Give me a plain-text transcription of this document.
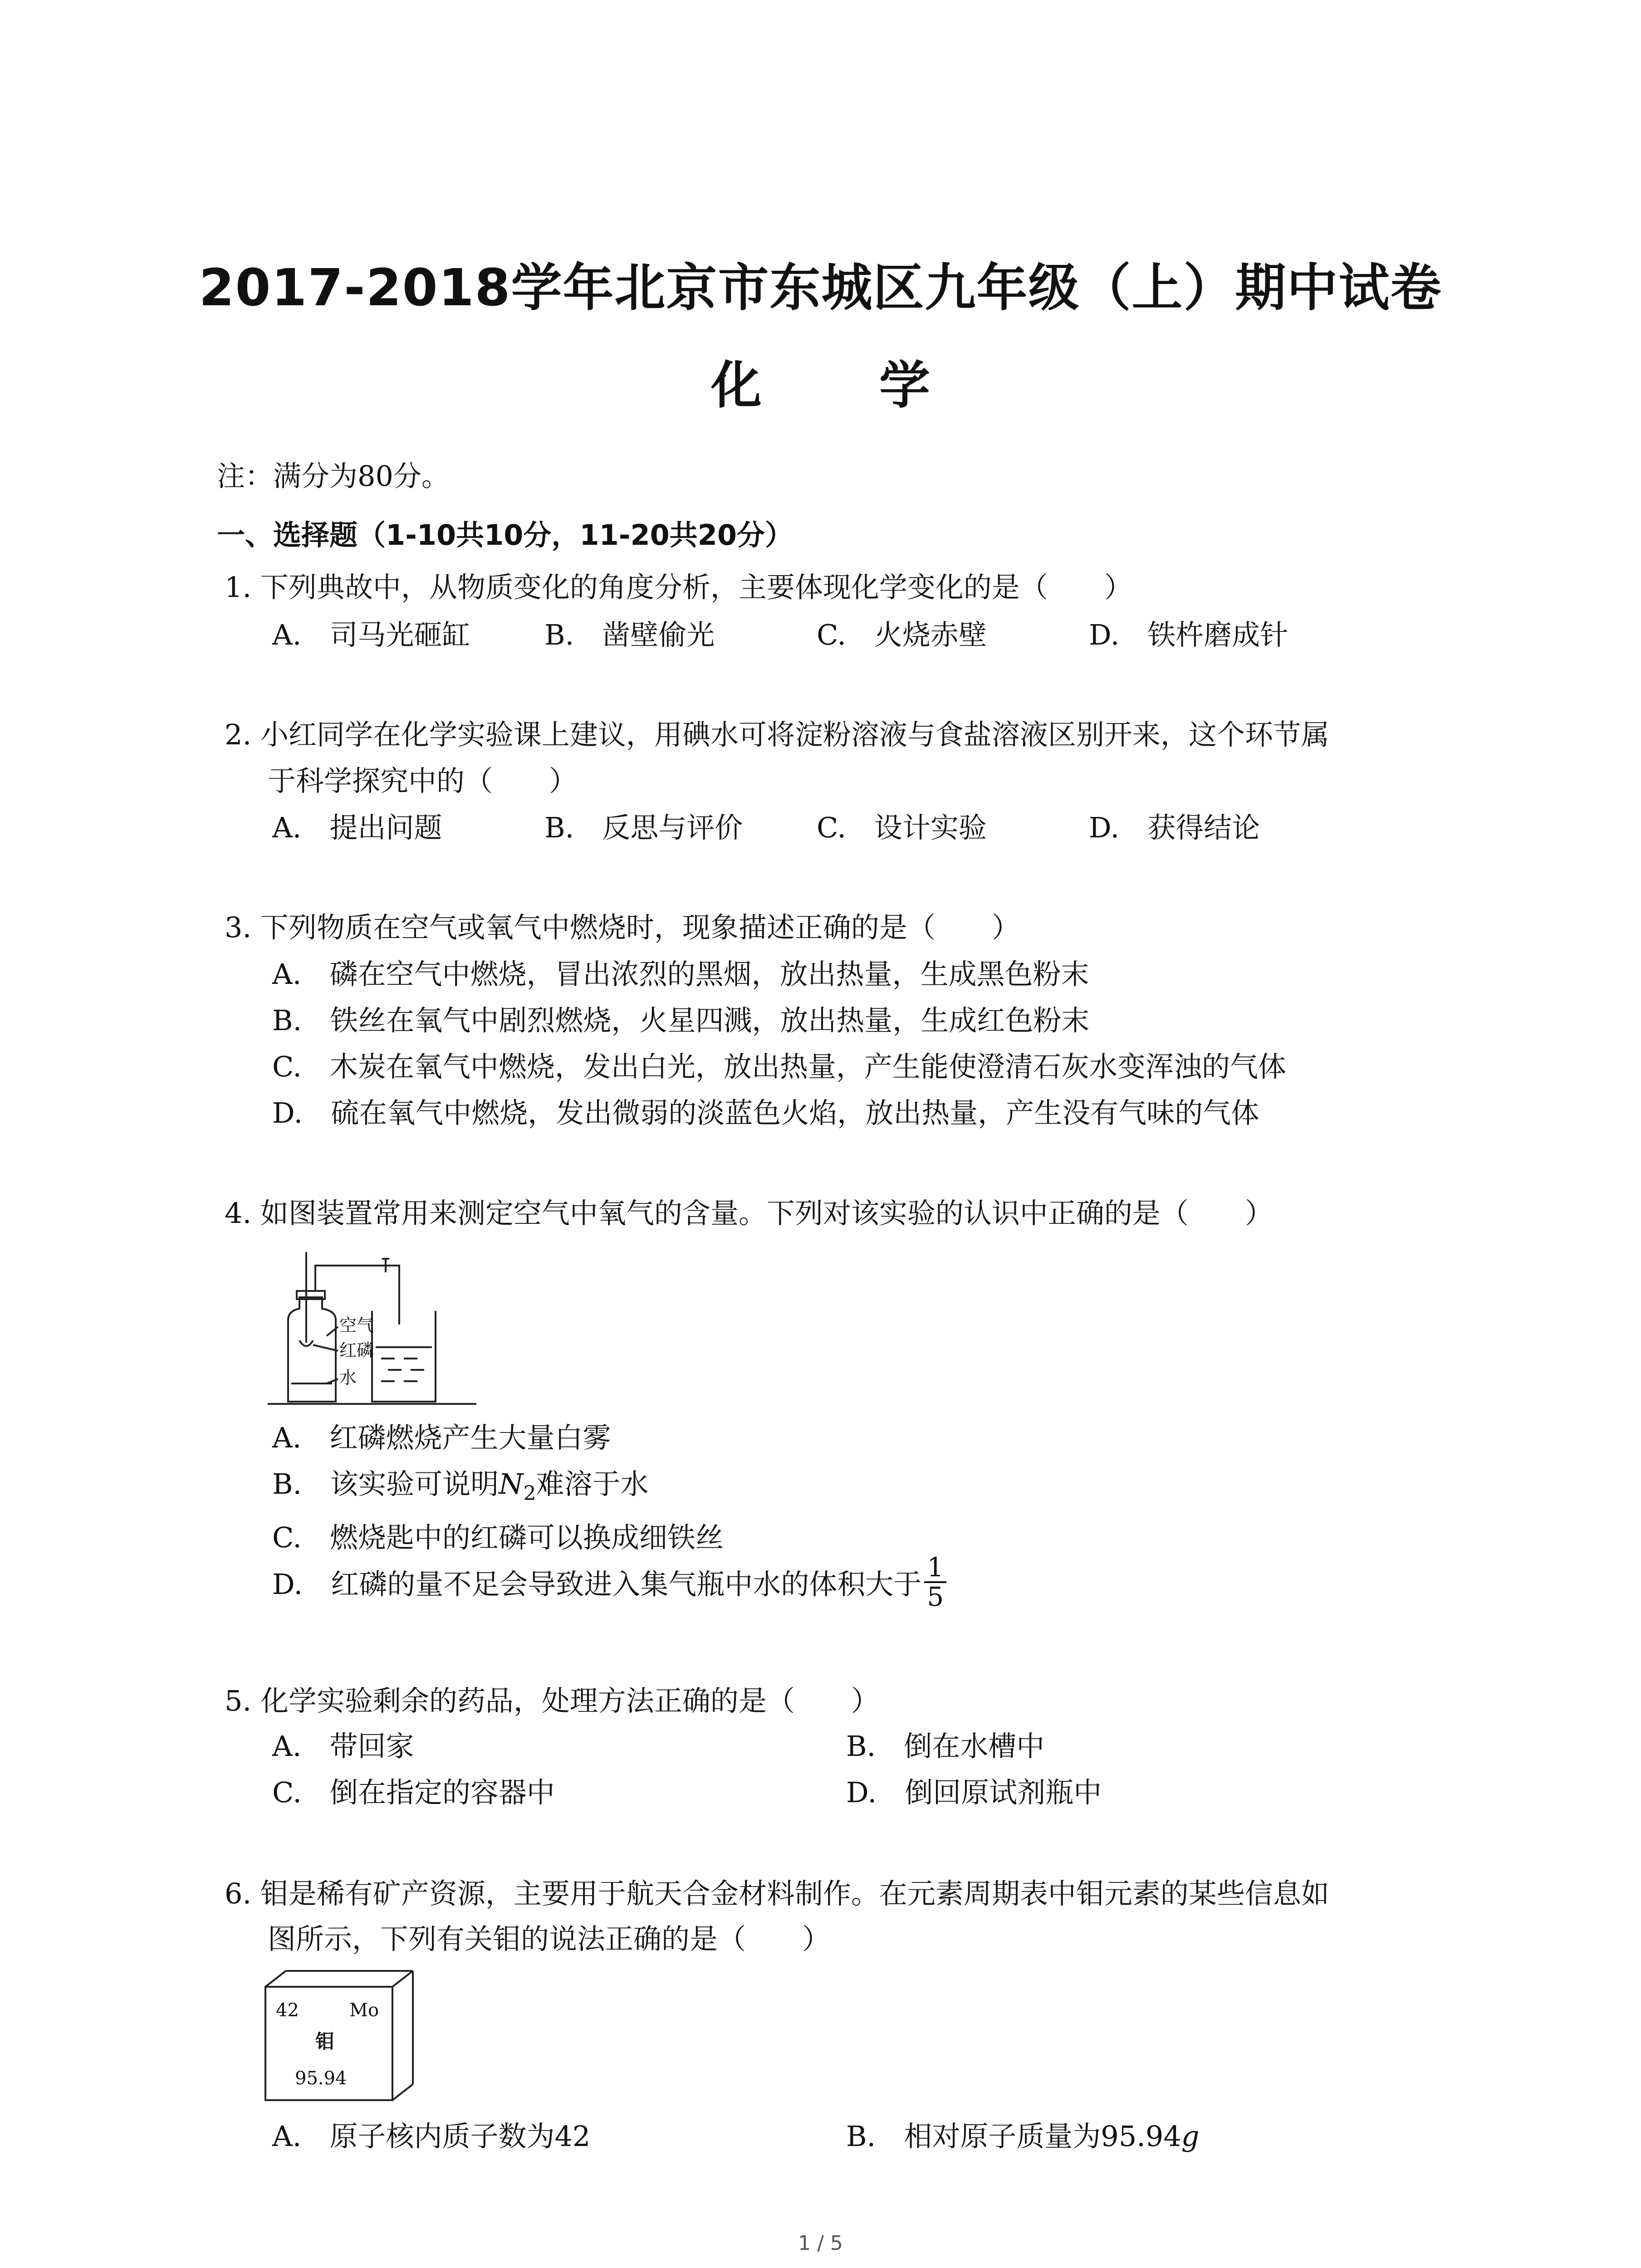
2017-2018学年北京市东城区九年级（上）期中试卷
化 学
注：满分为80分。
一、选择题（1-10共10分，11-20共20分）
1. 下列典故中，从物质变化的角度分析，主要体现化学变化的是（　　）
A.　司马光砸缸	B.　凿壁偷光	C.　火烧赤壁	D.　铁杵磨成针
2. 小红同学在化学实验课上建议，用碘水可将淀粉溶液与食盐溶液区别开来，这个环节属
于科学探究中的（　　）
A.　提出问题	B.　反思与评价	C.　设计实验	D.　获得结论
3. 下列物质在空气或氧气中燃烧时，现象描述正确的是（　　）
A.　磷在空气中燃烧，冒出浓烈的黑烟，放出热量，生成黑色粉末
B.　铁丝在氧气中剧烈燃烧，火星四溅，放出热量，生成红色粉末
C.　木炭在氧气中燃烧，发出白光，放出热量，产生能使澄清石灰水变浑浊的气体
D.　硫在氧气中燃烧，发出微弱的淡蓝色火焰，放出热量，产生没有气味的气体
4. 如图装置常用来测定空气中氧气的含量。下列对该实验的认识中正确的是（　　）
空气
红磷
水
A.　红磷燃烧产生大量白雾
B.　该实验可说明$N_2$难溶于水
C.　燃烧匙中的红磷可以换成细铁丝
D.　红磷的量不足会导致进入集气瓶中水的体积大于 $\frac{1}{5}$
5. 化学实验剩余的药品，处理方法正确的是（　　）
A.　带回家	B.　倒在水槽中
C.　倒在指定的容器中	D.　倒回原试剂瓶中
6. 钼是稀有矿产资源，主要用于航天合金材料制作。在元素周期表中钼元素的某些信息如
图所示，下列有关钼的说法正确的是（　　）
42	Mo
钼
95.94
A.　原子核内质子数为42	B.　相对原子质量为95.94g
1 / 5
